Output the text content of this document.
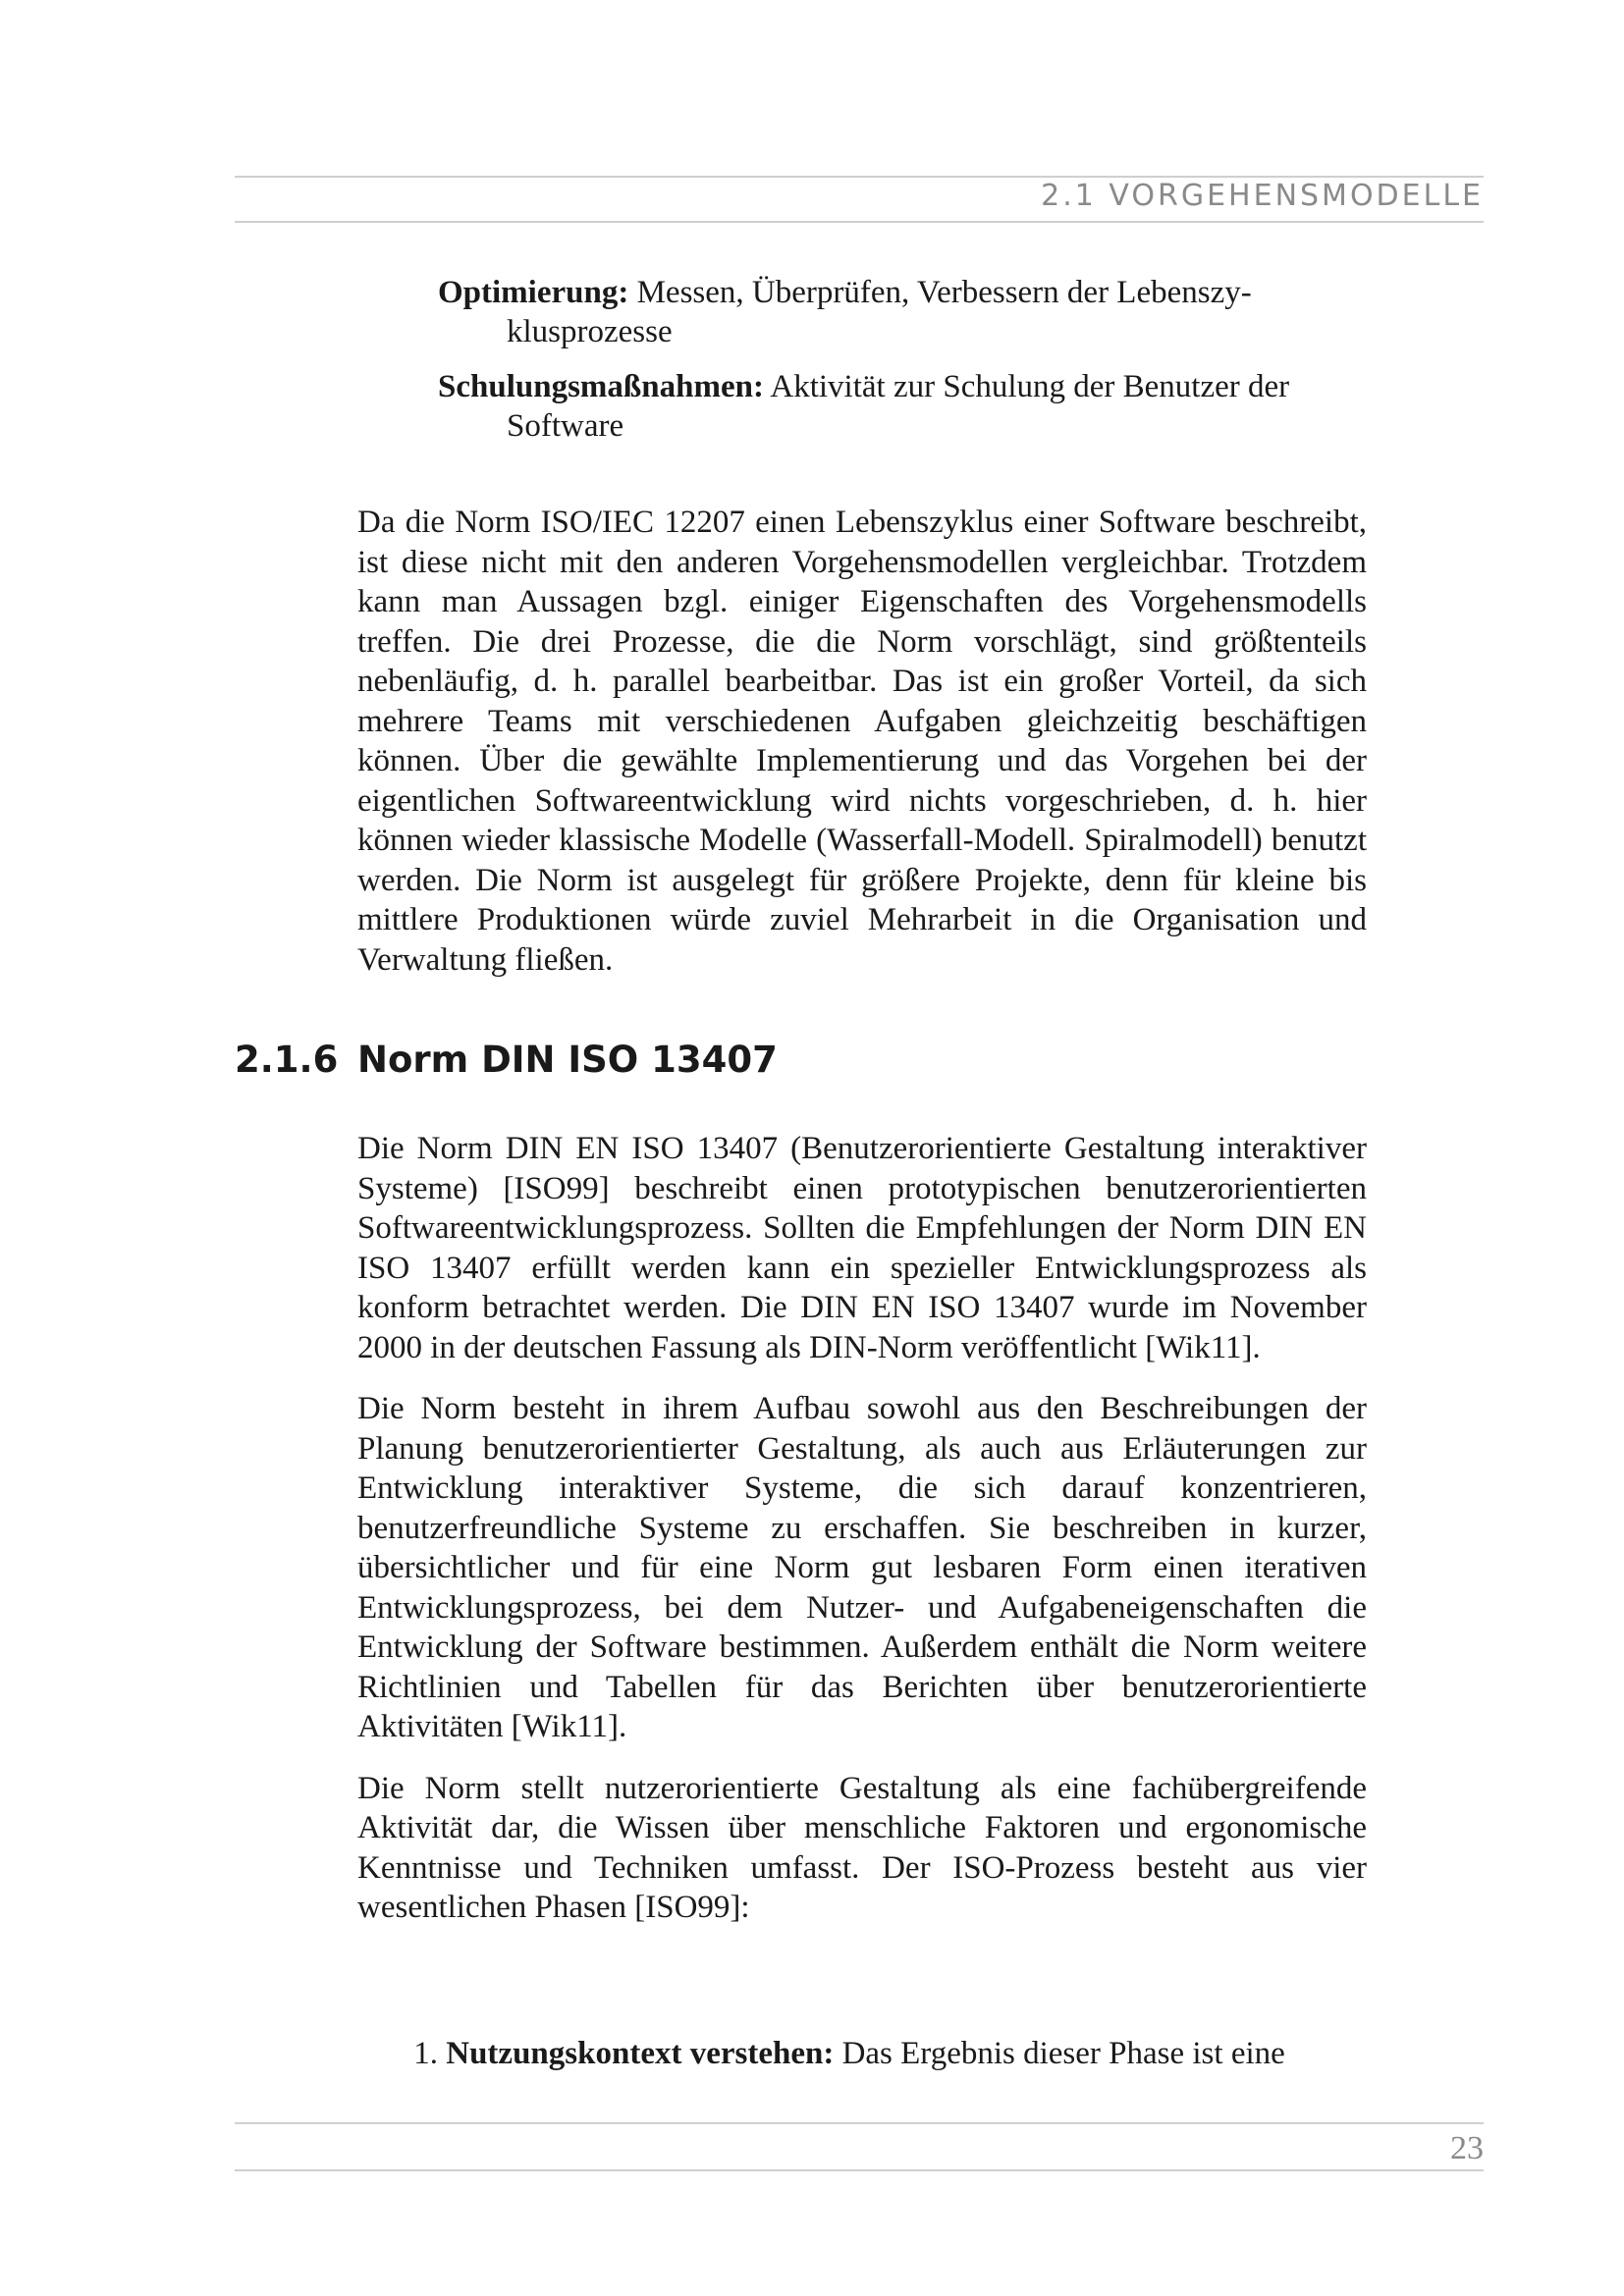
2.1 VORGEHENSMODELLE

Optimierung: Messen, Überprüfen, Verbessern der Lebenszyklusprozesse

Schulungsmaßnahmen: Aktivität zur Schulung der Benutzer der Software

Da die Norm ISO/IEC 12207 einen Lebenszyklus einer Software beschreibt, ist diese nicht mit den anderen Vorgehensmodellen vergleichbar. Trotzdem kann man Aussagen bzgl. einiger Eigenschaften des Vorgehensmodells treffen. Die drei Prozesse, die die Norm vorschlägt, sind größtenteils nebenläufig, d. h. parallel bearbeitbar. Das ist ein großer Vorteil, da sich mehrere Teams mit verschiedenen Aufgaben gleichzeitig beschäftigen können. Über die gewählte Implementierung und das Vorgehen bei der eigentlichen Softwareentwicklung wird nichts vorgeschrieben, d. h. hier können wieder klassische Modelle (Wasserfall-Modell. Spiralmodell) benutzt werden. Die Norm ist ausgelegt für größere Projekte, denn für kleine bis mittlere Produktionen würde zuviel Mehrarbeit in die Organisation und Verwaltung fließen.

2.1.6 Norm DIN ISO 13407

Die Norm DIN EN ISO 13407 (Benutzerorientierte Gestaltung interaktiver Systeme) [ISO99] beschreibt einen prototypischen benutzerorientierten Softwareentwicklungsprozess. Sollten die Empfehlungen der Norm DIN EN ISO 13407 erfüllt werden kann ein spezieller Entwicklungsprozess als konform betrachtet werden. Die DIN EN ISO 13407 wurde im November 2000 in der deutschen Fassung als DIN-Norm veröffentlicht [Wik11].

Die Norm besteht in ihrem Aufbau sowohl aus den Beschreibungen der Planung benutzerorientierter Gestaltung, als auch aus Erläuterungen zur Entwicklung interaktiver Systeme, die sich darauf konzentrieren, benutzerfreundliche Systeme zu erschaffen. Sie beschreiben in kurzer, übersichtlicher und für eine Norm gut lesbaren Form einen iterativen Entwicklungsprozess, bei dem Nutzer- und Aufgabeneigenschaften die Entwicklung der Software bestimmen. Außerdem enthält die Norm weitere Richtlinien und Tabellen für das Berichten über benutzerorientierte Aktivitäten [Wik11].

Die Norm stellt nutzerorientierte Gestaltung als eine fachübergreifende Aktivität dar, die Wissen über menschliche Faktoren und ergonomische Kenntnisse und Techniken umfasst. Der ISO-Prozess besteht aus vier wesentlichen Phasen [ISO99]:

1. Nutzungskontext verstehen: Das Ergebnis dieser Phase ist eine
23
